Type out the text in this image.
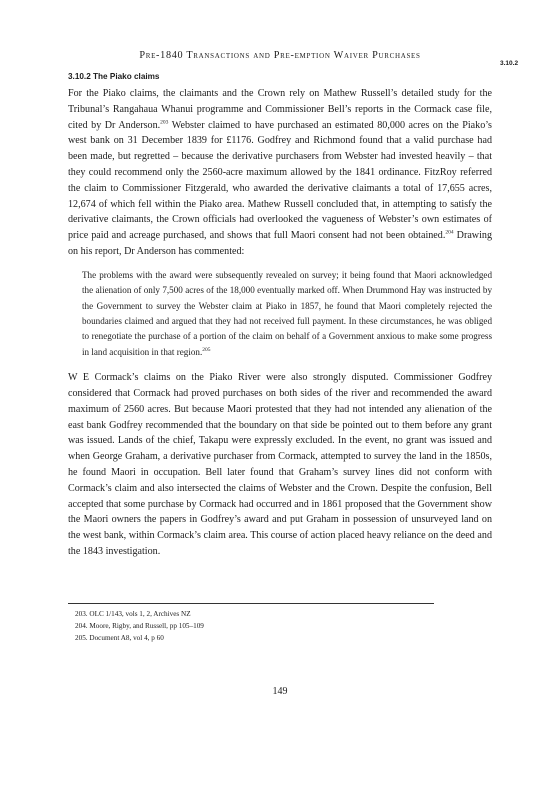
Pre-1840 Transactions and Pre-emption Waiver Purchases
3.10.2
3.10.2 The Piako claims

For the Piako claims, the claimants and the Crown rely on Mathew Russell’s detailed study for the Tribunal’s Rangahaua Whanui programme and Commissioner Bell’s reports in the Cormack case file, cited by Dr Anderson.$^{203}$ Webster claimed to have purchased an estimated 80,000 acres on the Piako’s west bank on 31 December 1839 for £1176. Godfrey and Richmond found that a valid purchase had been made, but regretted – because the derivative purchasers from Webster had invested heavily – that they could recommend only the 2560-acre maximum allowed by the 1841 ordinance. FitzRoy referred the claim to Commissioner Fitzgerald, who awarded the derivative claimants a total of 17,655 acres, 12,674 of which fell within the Piako area. Mathew Russell concluded that, in attempting to satisfy the derivative claimants, the Crown officials had overlooked the vagueness of Webster’s own estimates of price paid and acreage purchased, and shows that full Maori consent had not been obtained.$^{204}$ Drawing on his report, Dr Anderson has commented:

The problems with the award were subsequently revealed on survey; it being found that Maori acknowledged the alienation of only 7,500 acres of the 18,000 eventually marked off. When Drummond Hay was instructed by the Government to survey the Webster claim at Piako in 1857, he found that Maori completely rejected the boundaries claimed and argued that they had not received full payment. In these circumstances, he was obliged to renegotiate the purchase of a portion of the claim on behalf of a Government anxious to make some progress in land acquisition in that region.$^{205}$

W E Cormack’s claims on the Piako River were also strongly disputed. Commissioner Godfrey considered that Cormack had proved purchases on both sides of the river and recommended the award maximum of 2560 acres. But because Maori protested that they had not intended any alienation of the east bank Godfrey recommended that the boundary on that side be pointed out to them before any grant was issued. Lands of the chief, Takapu were expressly excluded. In the event, no grant was issued and when George Graham, a derivative purchaser from Cormack, attempted to survey the land in the 1850s, he found Maori in occupation. Bell later found that Graham’s survey lines did not conform with Cormack’s claim and also intersected the claims of Webster and the Crown. Despite the confusion, Bell accepted that some purchase by Cormack had occurred and in 1861 proposed that the Government show the Maori owners the papers in Godfrey’s award and put Graham in possession of unsurveyed land on the west bank, within Cormack’s claim area. This course of action placed heavy reliance on the deed and the 1843 investigation.

203. OLC 1/143, vols 1, 2, Archives NZ
204. Moore, Rigby, and Russell, pp 105–109
205. Document A8, vol 4, p 60
149
